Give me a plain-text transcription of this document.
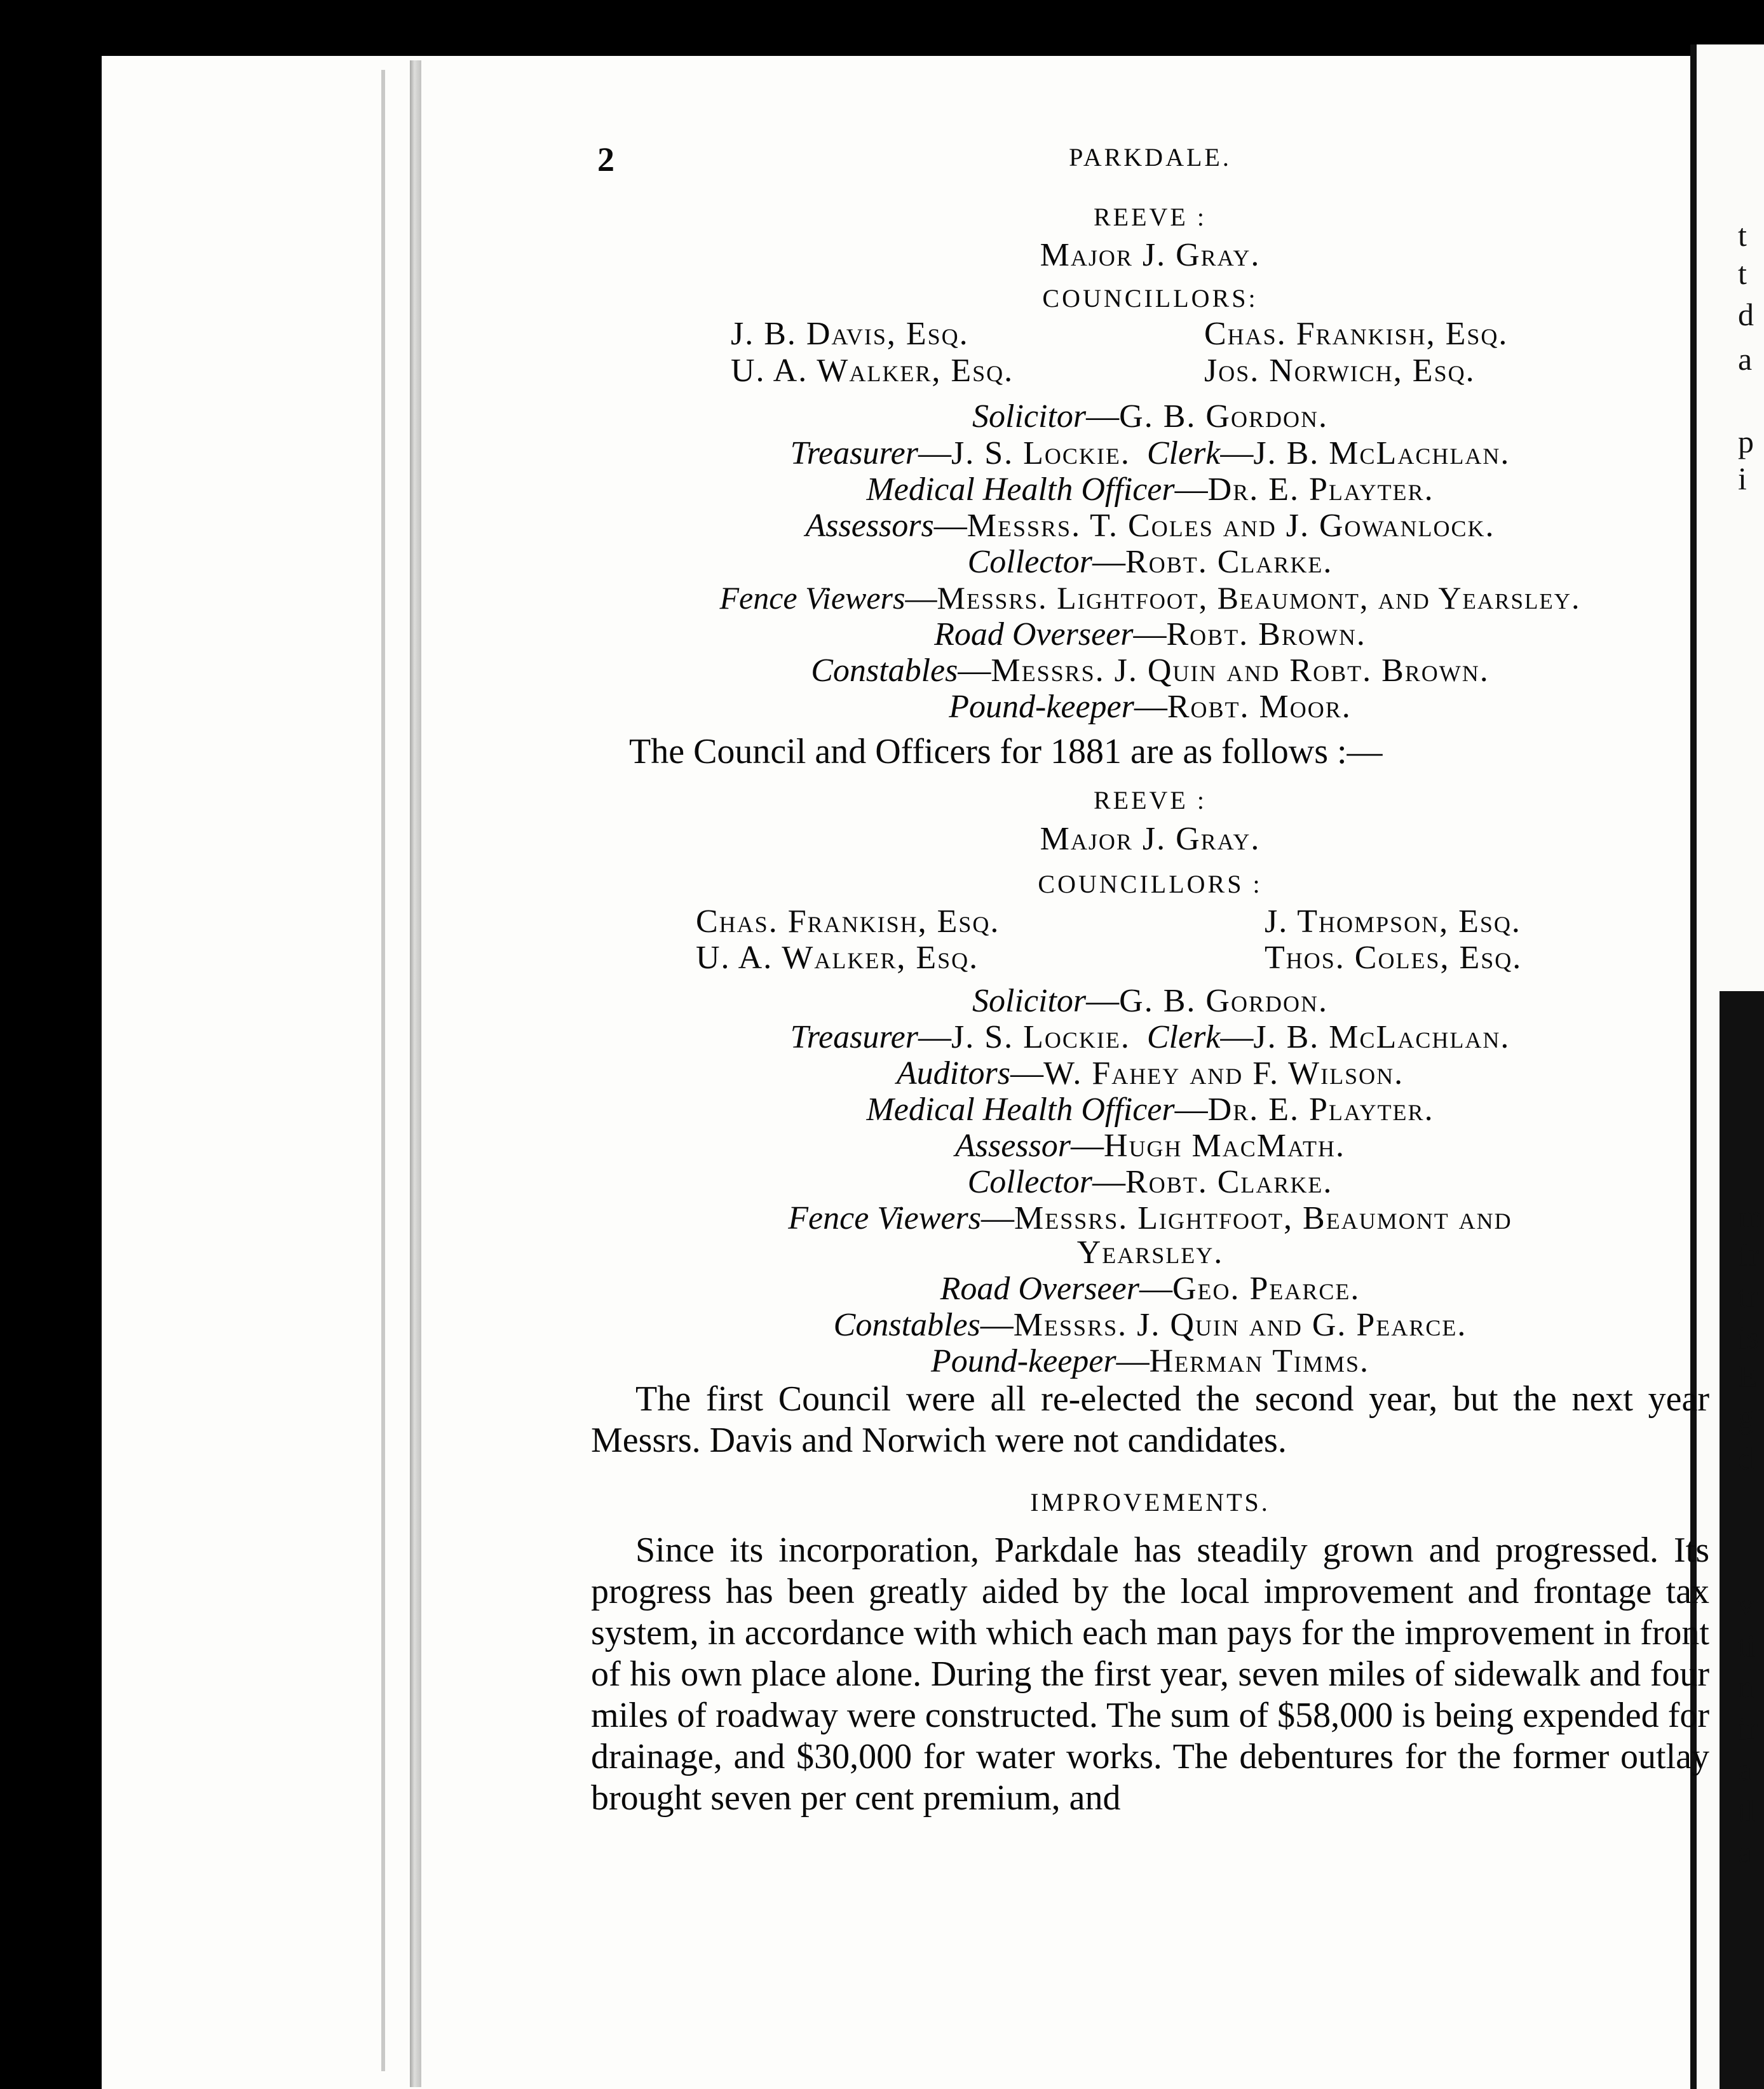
t
t
d
a
p
i
m
fr
tr
is
E
g
d
v
ti
n
ir
a
tl
a
2	PARKDALE.
REEVE :
Major J. Gray.
COUNCILLORS:
J. B. Davis, Esq.	Chas. Frankish, Esq.
U. A. Walker, Esq.	Jos. Norwich, Esq.
Solicitor—G. B. Gordon.
Treasurer—J. S. Lockie. Clerk—J. B. McLachlan.
Medical Health Officer—Dr. E. Playter.
Assessors—Messrs. T. Coles and J. Gowanlock.
Collector—Robt. Clarke.
Fence Viewers—Messrs. Lightfoot, Beaumont, and Yearsley.
Road Overseer—Robt. Brown.
Constables—Messrs. J. Quin and Robt. Brown.
Pound-keeper—Robt. Moor.
The Council and Officers for 1881 are as follows :—
REEVE :
Major J. Gray.
COUNCILLORS :
Chas. Frankish, Esq.	J. Thompson, Esq.
U. A. Walker, Esq.	Thos. Coles, Esq.
Solicitor—G. B. Gordon.
Treasurer—J. S. Lockie. Clerk—J. B. McLachlan.
Auditors—W. Fahey and F. Wilson.
Medical Health Officer—Dr. E. Playter.
Assessor—Hugh MacMath.
Collector—Robt. Clarke.
Fence Viewers—Messrs. Lightfoot, Beaumont and
Yearsley.
Road Overseer—Geo. Pearce.
Constables—Messrs. J. Quin and G. Pearce.
Pound-keeper—Herman Timms.

The first Council were all re-elected the second year, but the next year Messrs. Davis and Norwich were not candidates.

IMPROVEMENTS.

Since its incorporation, Parkdale has steadily grown and progressed. Its progress has been greatly aided by the local improvement and frontage tax system, in accordance with which each man pays for the improvement in front of his own place alone. During the first year, seven miles of sidewalk and four miles of roadway were constructed. The sum of $58,000 is being expended for drainage, and $30,000 for water works. The debentures for the former outlay brought seven per cent premium, and
